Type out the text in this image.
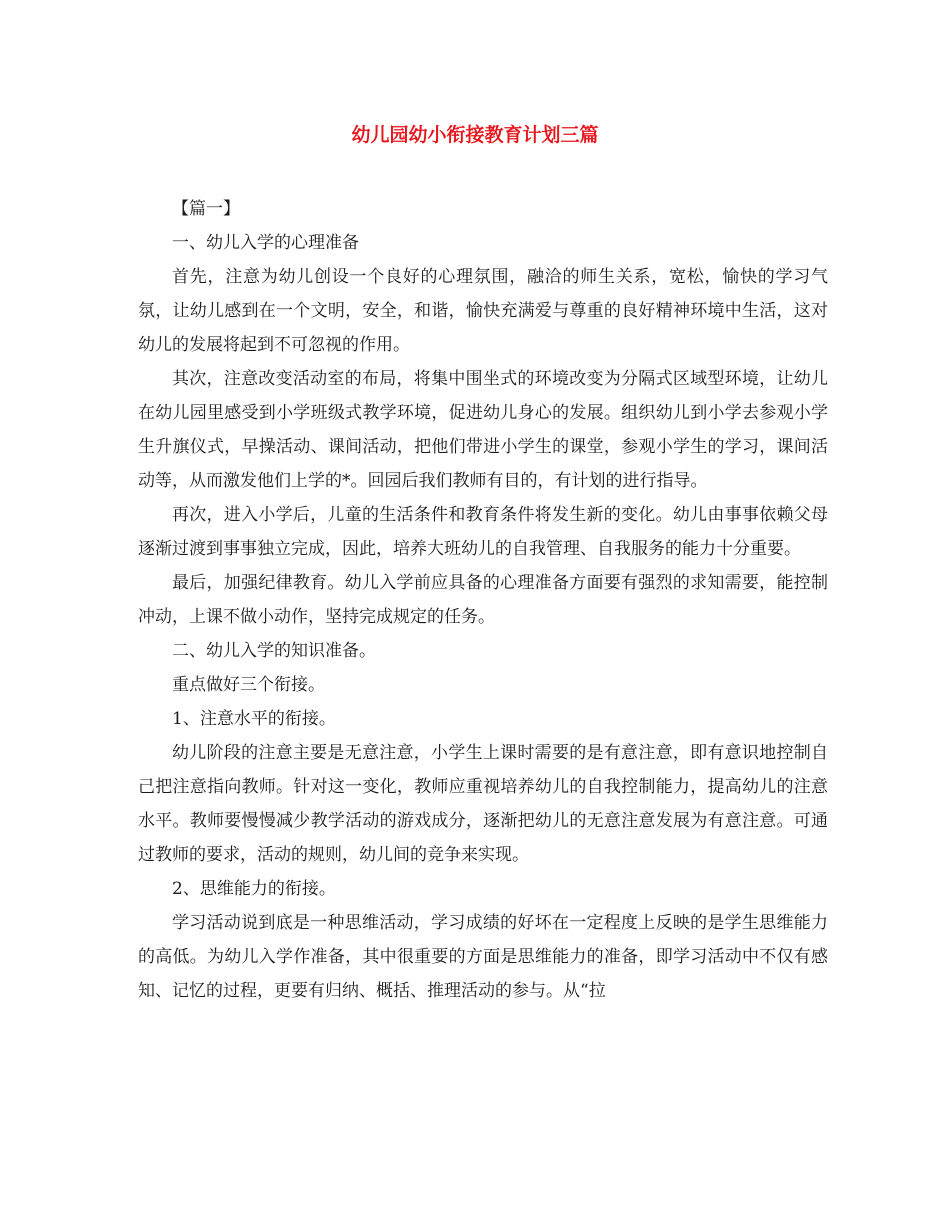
幼儿园幼小衔接教育计划三篇

【篇一】

一、幼儿入学的心理准备

首先，注意为幼儿创设一个良好的心理氛围，融洽的师生关系，宽松，愉快的学习气氛，让幼儿感到在一个文明，安全，和谐，愉快充满爱与尊重的良好精神环境中生活，这对幼儿的发展将起到不可忽视的作用。

其次，注意改变活动室的布局，将集中围坐式的环境改变为分隔式区域型环境，让幼儿在幼儿园里感受到小学班级式教学环境，促进幼儿身心的发展。组织幼儿到小学去参观小学生升旗仪式，早操活动、课间活动，把他们带进小学生的课堂，参观小学生的学习，课间活动等，从而激发他们上学的*。回园后我们教师有目的，有计划的进行指导。

再次，进入小学后，儿童的生活条件和教育条件将发生新的变化。幼儿由事事依赖父母逐渐过渡到事事独立完成，因此，培养大班幼儿的自我管理、自我服务的能力十分重要。

最后，加强纪律教育。幼儿入学前应具备的心理准备方面要有强烈的求知需要，能控制冲动，上课不做小动作，坚持完成规定的任务。

二、幼儿入学的知识准备。

重点做好三个衔接。

1、注意水平的衔接。

幼儿阶段的注意主要是无意注意，小学生上课时需要的是有意注意，即有意识地控制自己把注意指向教师。针对这一变化，教师应重视培养幼儿的自我控制能力，提高幼儿的注意水平。教师要慢慢减少教学活动的游戏成分，逐渐把幼儿的无意注意发展为有意注意。可通过教师的要求，活动的规则，幼儿间的竞争来实现。

2、思维能力的衔接。

学习活动说到底是一种思维活动，学习成绩的好坏在一定程度上反映的是学生思维能力的高低。为幼儿入学作准备，其中很重要的方面是思维能力的准备，即学习活动中不仅有感知、记忆的过程，更要有归纳、概括、推理活动的参与。从“拉
